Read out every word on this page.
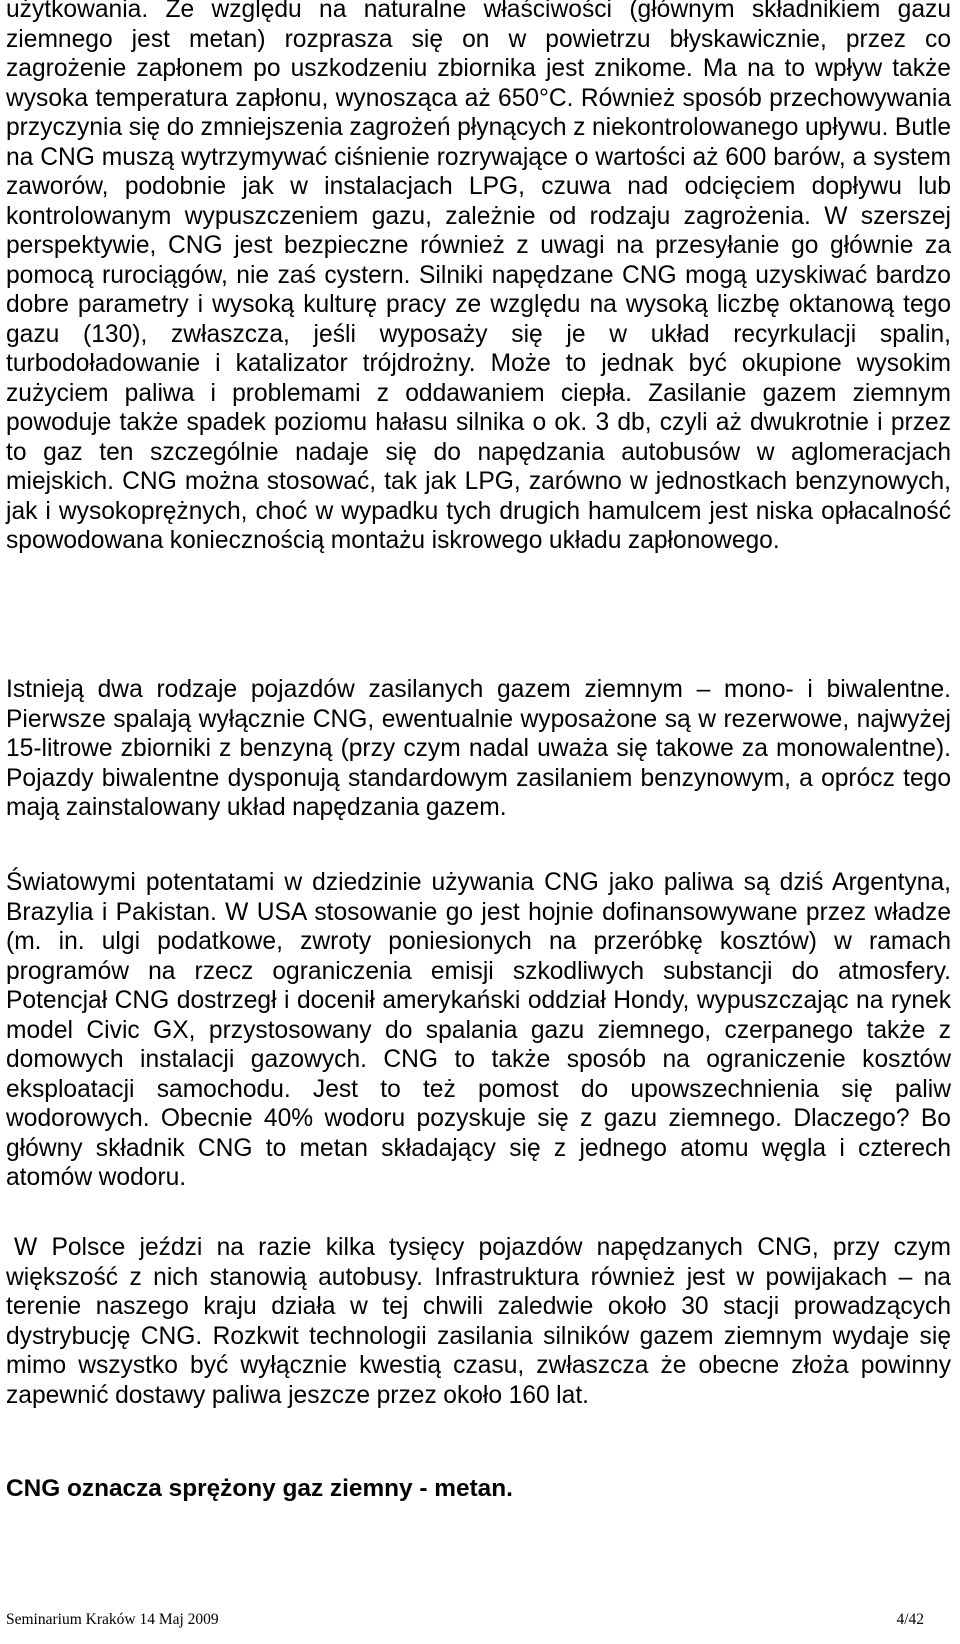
użytkowania. Ze względu na naturalne właściwości (głównym składnikiem gazu ziemnego jest metan) rozprasza się on w powietrzu błyskawicznie, przez co zagrożenie zapłonem po uszkodzeniu zbiornika jest znikome. Ma na to wpływ także wysoka temperatura zapłonu, wynosząca aż 650°C. Również sposób przechowywania przyczynia się do zmniejszenia zagrożeń płynących z niekontrolowanego upływu. Butle na CNG muszą wytrzymywać ciśnienie rozrywające o wartości aż 600 barów, a system zaworów, podobnie jak w instalacjach LPG, czuwa nad odcięciem dopływu lub kontrolowanym wypuszczeniem gazu, zależnie od rodzaju zagrożenia. W szerszej perspektywie, CNG jest bezpieczne również z uwagi na przesyłanie go głównie za pomocą rurociągów, nie zaś cystern. Silniki napędzane CNG mogą uzyskiwać bardzo dobre parametry i wysoką kulturę pracy ze względu na wysoką liczbę oktanową tego gazu (130), zwłaszcza, jeśli wyposaży się je w układ recyrkulacji spalin, turbodoładowanie i katalizator trójdrożny. Może to jednak być okupione wysokim zużyciem paliwa i problemami z oddawaniem ciepła. Zasilanie gazem ziemnym powoduje także spadek poziomu hałasu silnika o ok. 3 db, czyli aż dwukrotnie i przez to gaz ten szczególnie nadaje się do napędzania autobusów w aglomeracjach miejskich. CNG można stosować, tak jak LPG, zarówno w jednostkach benzynowych, jak i wysokoprężnych, choć w wypadku tych drugich hamulcem jest niska opłacalność spowodowana koniecznością montażu iskrowego układu zapłonowego.

Istnieją dwa rodzaje pojazdów zasilanych gazem ziemnym – mono- i biwalentne. Pierwsze spalają wyłącznie CNG, ewentualnie wyposażone są w rezerwowe, najwyżej 15-litrowe zbiorniki z benzyną (przy czym nadal uważa się takowe za monowalentne). Pojazdy biwalentne dysponują standardowym zasilaniem benzynowym, a oprócz tego mają zainstalowany układ napędzania gazem.

Światowymi potentatami w dziedzinie używania CNG jako paliwa są dziś Argentyna, Brazylia i Pakistan. W USA stosowanie go jest hojnie dofinansowywane przez władze (m. in. ulgi podatkowe, zwroty poniesionych na przeróbkę kosztów) w ramach programów na rzecz ograniczenia emisji szkodliwych substancji do atmosfery. Potencjał CNG dostrzegł i docenił amerykański oddział Hondy, wypuszczając na rynek model Civic GX, przystosowany do spalania gazu ziemnego, czerpanego także z domowych instalacji gazowych. CNG to także sposób na ograniczenie kosztów eksploatacji samochodu. Jest to też pomost do upowszechnienia się paliw wodorowych. Obecnie 40% wodoru pozyskuje się z gazu ziemnego. Dlaczego? Bo główny składnik CNG to metan składający się z jednego atomu węgla i czterech atomów wodoru.

W Polsce jeździ na razie kilka tysięcy pojazdów napędzanych CNG, przy czym większość z nich stanowią autobusy. Infrastruktura również jest w powijakach – na terenie naszego kraju działa w tej chwili zaledwie około 30 stacji prowadzących dystrybucję CNG. Rozkwit technologii zasilania silników gazem ziemnym wydaje się mimo wszystko być wyłącznie kwestią czasu, zwłaszcza że obecne złoża powinny zapewnić dostawy paliwa jeszcze przez około 160 lat.

CNG oznacza sprężony gaz ziemny - metan.

Seminarium Kraków 14 Maj 2009	4/42
